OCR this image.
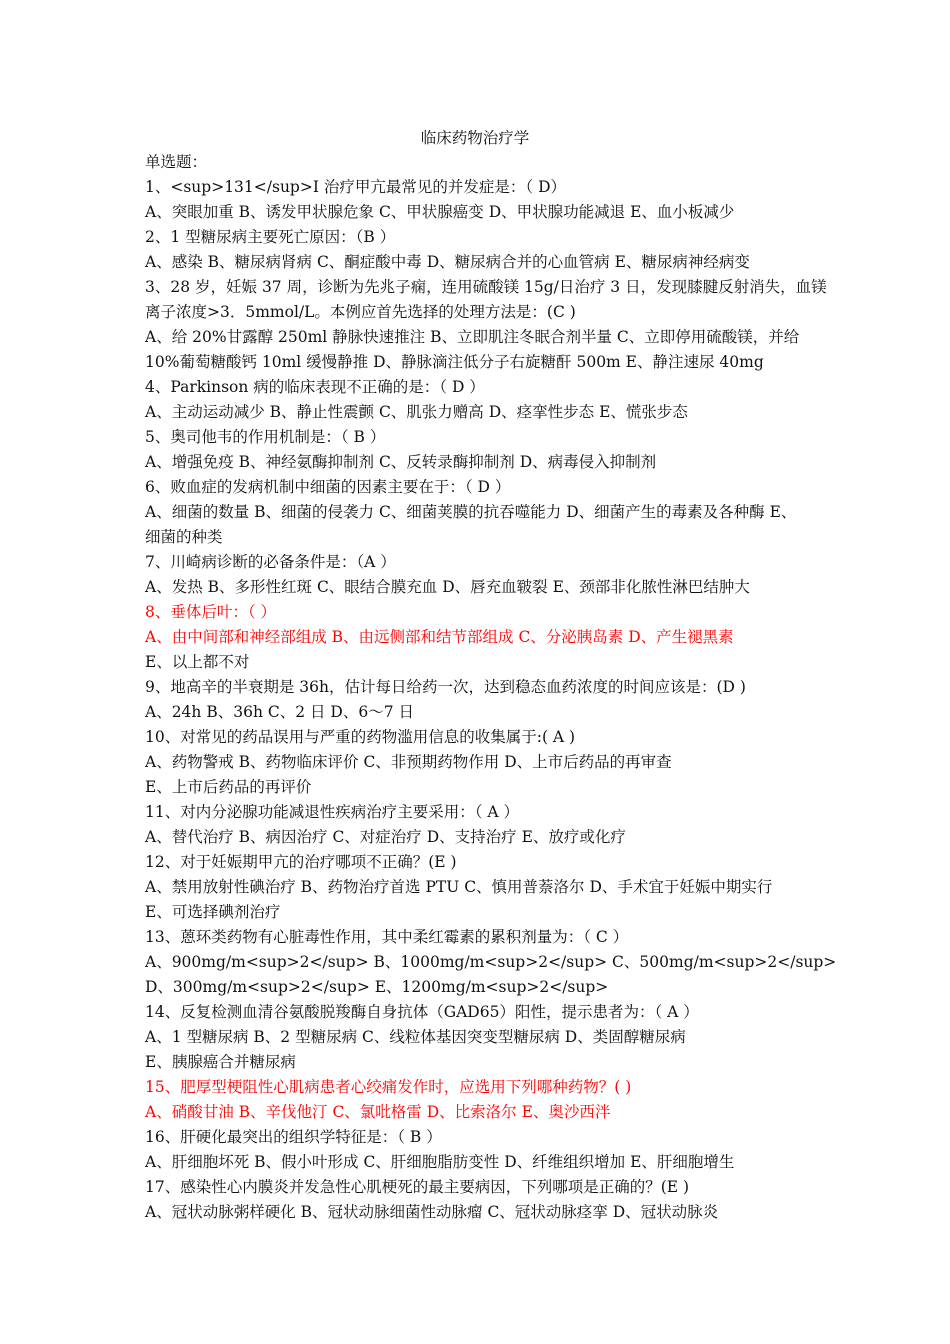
临床药物治疗学
单选题：
1、<sup>131</sup>I 治疗甲亢最常见的并发症是：（ D）
A、突眼加重 B、诱发甲状腺危象 C、甲状腺癌变 D、甲状腺功能减退 E、血小板减少
2、1 型糖尿病主要死亡原因：（B ）
A、感染 B、糖尿病肾病 C、酮症酸中毒 D、糖尿病合并的心血管病 E、糖尿病神经病变
3、28 岁，妊娠 37 周，诊断为先兆子痫，连用硫酸镁 15g/日治疗 3 日，发现膝腱反射消失，血镁
离子浓度>3．5mmol/L。本例应首先选择的处理方法是：(C )
A、给 20%甘露醇 250ml 静脉快速推注 B、立即肌注冬眠合剂半量 C、立即停用硫酸镁，并给
10%葡萄糖酸钙 10ml 缓慢静推 D、静脉滴注低分子右旋糖酐 500m E、静注速尿 40mg
4、Parkinson 病的临床表现不正确的是：（ D ）
A、主动运动减少 B、静止性震颤 C、肌张力赠高 D、痉挛性步态 E、慌张步态
5、奥司他韦的作用机制是：（ B ）
A、增强免疫 B、神经氨酶抑制剂 C、反转录酶抑制剂 D、病毒侵入抑制剂
6、败血症的发病机制中细菌的因素主要在于：（ D ）
A、细菌的数量 B、细菌的侵袭力 C、细菌荚膜的抗吞噬能力 D、细菌产生的毒素及各种酶 E、
细菌的种类
7、川崎病诊断的必备条件是：（A ）
A、发热 B、多形性红斑 C、眼结合膜充血 D、唇充血皲裂 E、颈部非化脓性淋巴结肿大
8、垂体后叶：（ ）
A、由中间部和神经部组成 B、由远侧部和结节部组成 C、分泌胰岛素 D、产生褪黑素
E、以上都不对
9、地高辛的半衰期是 36h，估计每日给药一次，达到稳态血药浓度的时间应该是：(D )
A、24h B、36h C、2 日 D、6～7 日
10、对常见的药品误用与严重的药物滥用信息的收集属于:( A )
A、药物警戒 B、药物临床评价 C、非预期药物作用 D、上市后药品的再审查
E、上市后药品的再评价
11、对内分泌腺功能减退性疾病治疗主要采用：（ A ）
A、替代治疗 B、病因治疗 C、对症治疗 D、支持治疗 E、放疗或化疗
12、对于妊娠期甲亢的治疗哪项不正确？(E )
A、禁用放射性碘治疗 B、药物治疗首选 PTU C、慎用普萘洛尔 D、手术宜于妊娠中期实行
E、可选择碘剂治疗
13、蒽环类药物有心脏毒性作用，其中柔红霉素的累积剂量为：（ C ）
A、900mg/m<sup>2</sup> B、1000mg/m<sup>2</sup> C、500mg/m<sup>2</sup>
D、300mg/m<sup>2</sup> E、1200mg/m<sup>2</sup>
14、反复检测血清谷氨酸脱羧酶自身抗体（GAD65）阳性，提示患者为：（ A ）
A、1 型糖尿病 B、2 型糖尿病 C、线粒体基因突变型糖尿病 D、类固醇糖尿病
E、胰腺癌合并糖尿病
15、肥厚型梗阻性心肌病患者心绞痛发作时，应选用下列哪种药物？( )
A、硝酸甘油 B、辛伐他汀 C、氯吡格雷 D、比索洛尔 E、奥沙西泮
16、肝硬化最突出的组织学特征是：（ B ）
A、肝细胞坏死 B、假小叶形成 C、肝细胞脂肪变性 D、纤维组织增加 E、肝细胞增生
17、感染性心内膜炎并发急性心肌梗死的最主要病因，下列哪项是正确的？(E )
A、冠状动脉粥样硬化 B、冠状动脉细菌性动脉瘤 C、冠状动脉痉挛 D、冠状动脉炎
